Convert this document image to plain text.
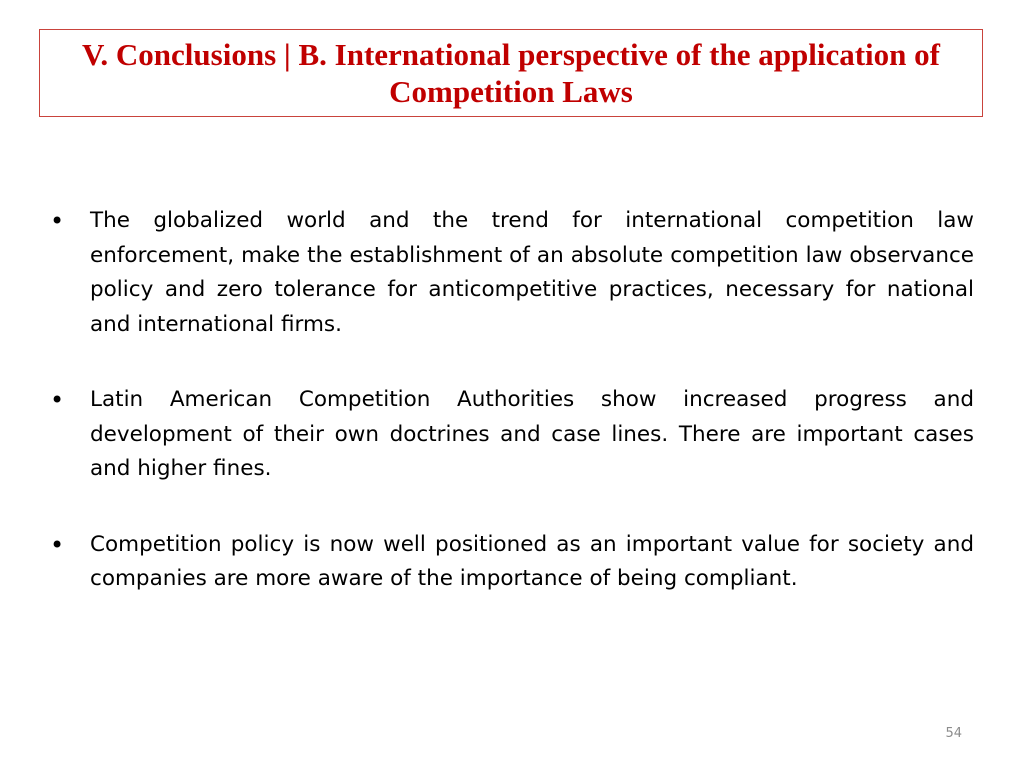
V. Conclusions | B. International perspective of the application of Competition Laws
•	The globalized world and the trend for international competition law enforcement, make the establishment of an absolute competition law observance policy and zero tolerance for anticompetitive practices, necessary for national and international firms.

•	Latin American Competition Authorities show increased progress and development of their own doctrines and case lines. There are important cases and higher fines.

•	Competition policy is now well positioned as an important value for society and companies are more aware of the importance of being compliant.

54
